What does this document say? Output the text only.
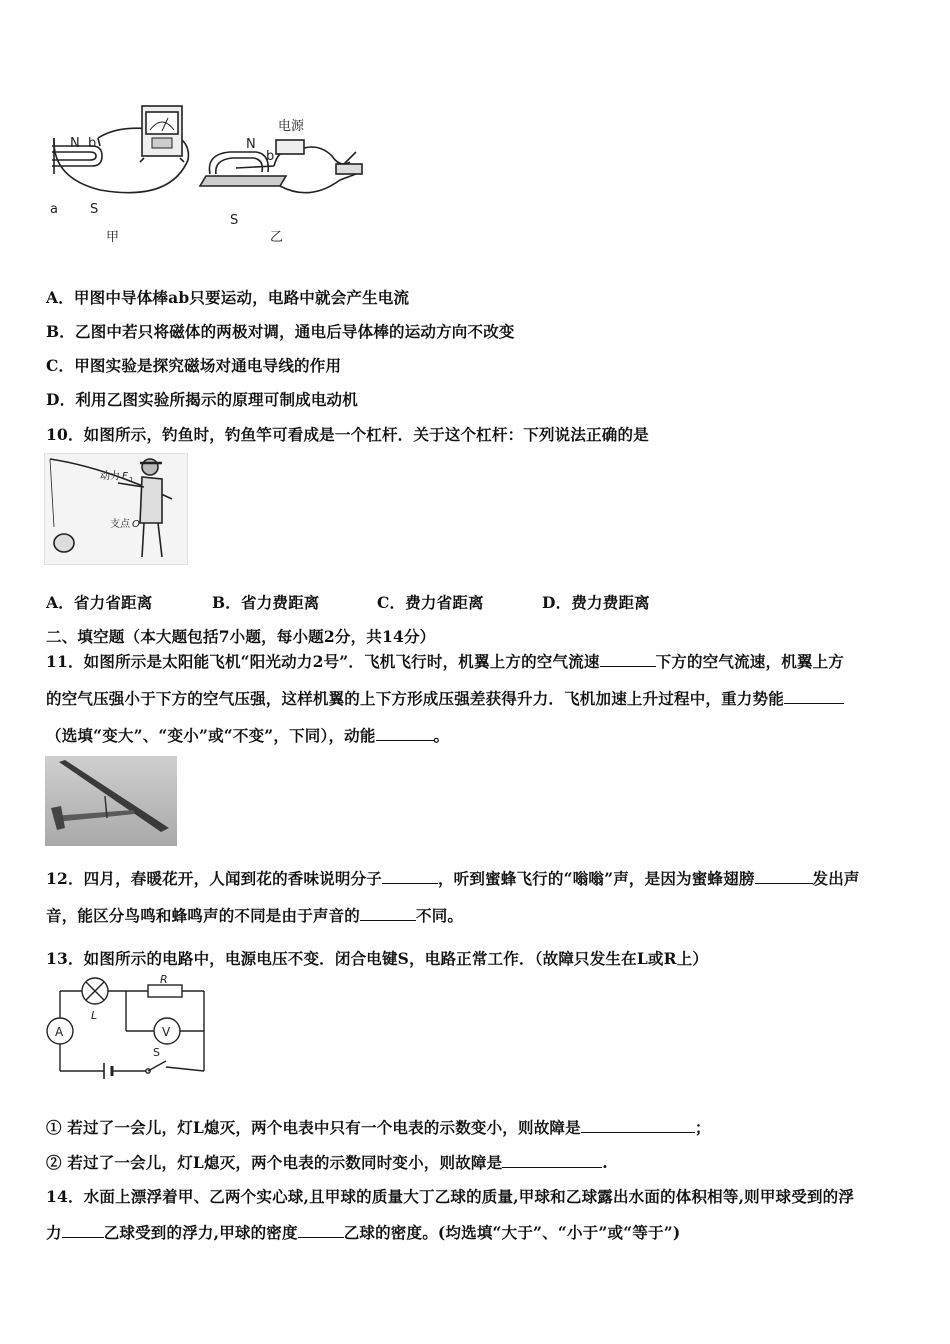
N b
a S
甲
N
b
电源
S
乙
A．甲图中导体棒ab只要运动，电路中就会产生电流
B．乙图中若只将磁体的两极对调，通电后导体棒的运动方向不改变
C．甲图实验是探究磁场对通电导线的作用
D．利用乙图实验所揭示的原理可制成电动机
10．如图所示，钓鱼时，钓鱼竿可看成是一个杠杆．关于这个杠杆：下列说法正确的是
动力 F 1
支点 O
A．省力省距离	B．省力费距离	C．费力省距离	D．费力费距离
二、填空题（本大题包括7小题，每小题2分，共14分）
11．如图所示是太阳能飞机“阳光动力2号”．飞机飞行时，机翼上方的空气流速	下方的空气流速，机翼上方
的空气压强小于下方的空气压强，这样机翼的上下方形成压强差获得升力．飞机加速上升过程中，重力势能
（选填“变大”、“变小”或“不变”，下同），动能	。
12．四月，春暖花开，人闻到花的香味说明分子	，听到蜜蜂飞行的“嗡嗡”声，是因为蜜蜂翅膀	发出声
音，能区分鸟鸣和蜂鸣声的不同是由于声音的	不同。
13．如图所示的电路中，电源电压不变．闭合电键S，电路正常工作．（故障只发生在L或R上）
L
A
R
V
S
① 若过了一会儿，灯L熄灭，两个电表中只有一个电表的示数变小，则故障是	；
② 若过了一会儿，灯L熄灭，两个电表的示数同时变小，则故障是	.
14．水面上漂浮着甲、乙两个实心球,且甲球的质量大丁乙球的质量,甲球和乙球露出水面的体积相等,则甲球受到的浮
力	乙球受到的浮力,甲球的密度	乙球的密度。(均选填“大于”、“小于”或“等于”)
